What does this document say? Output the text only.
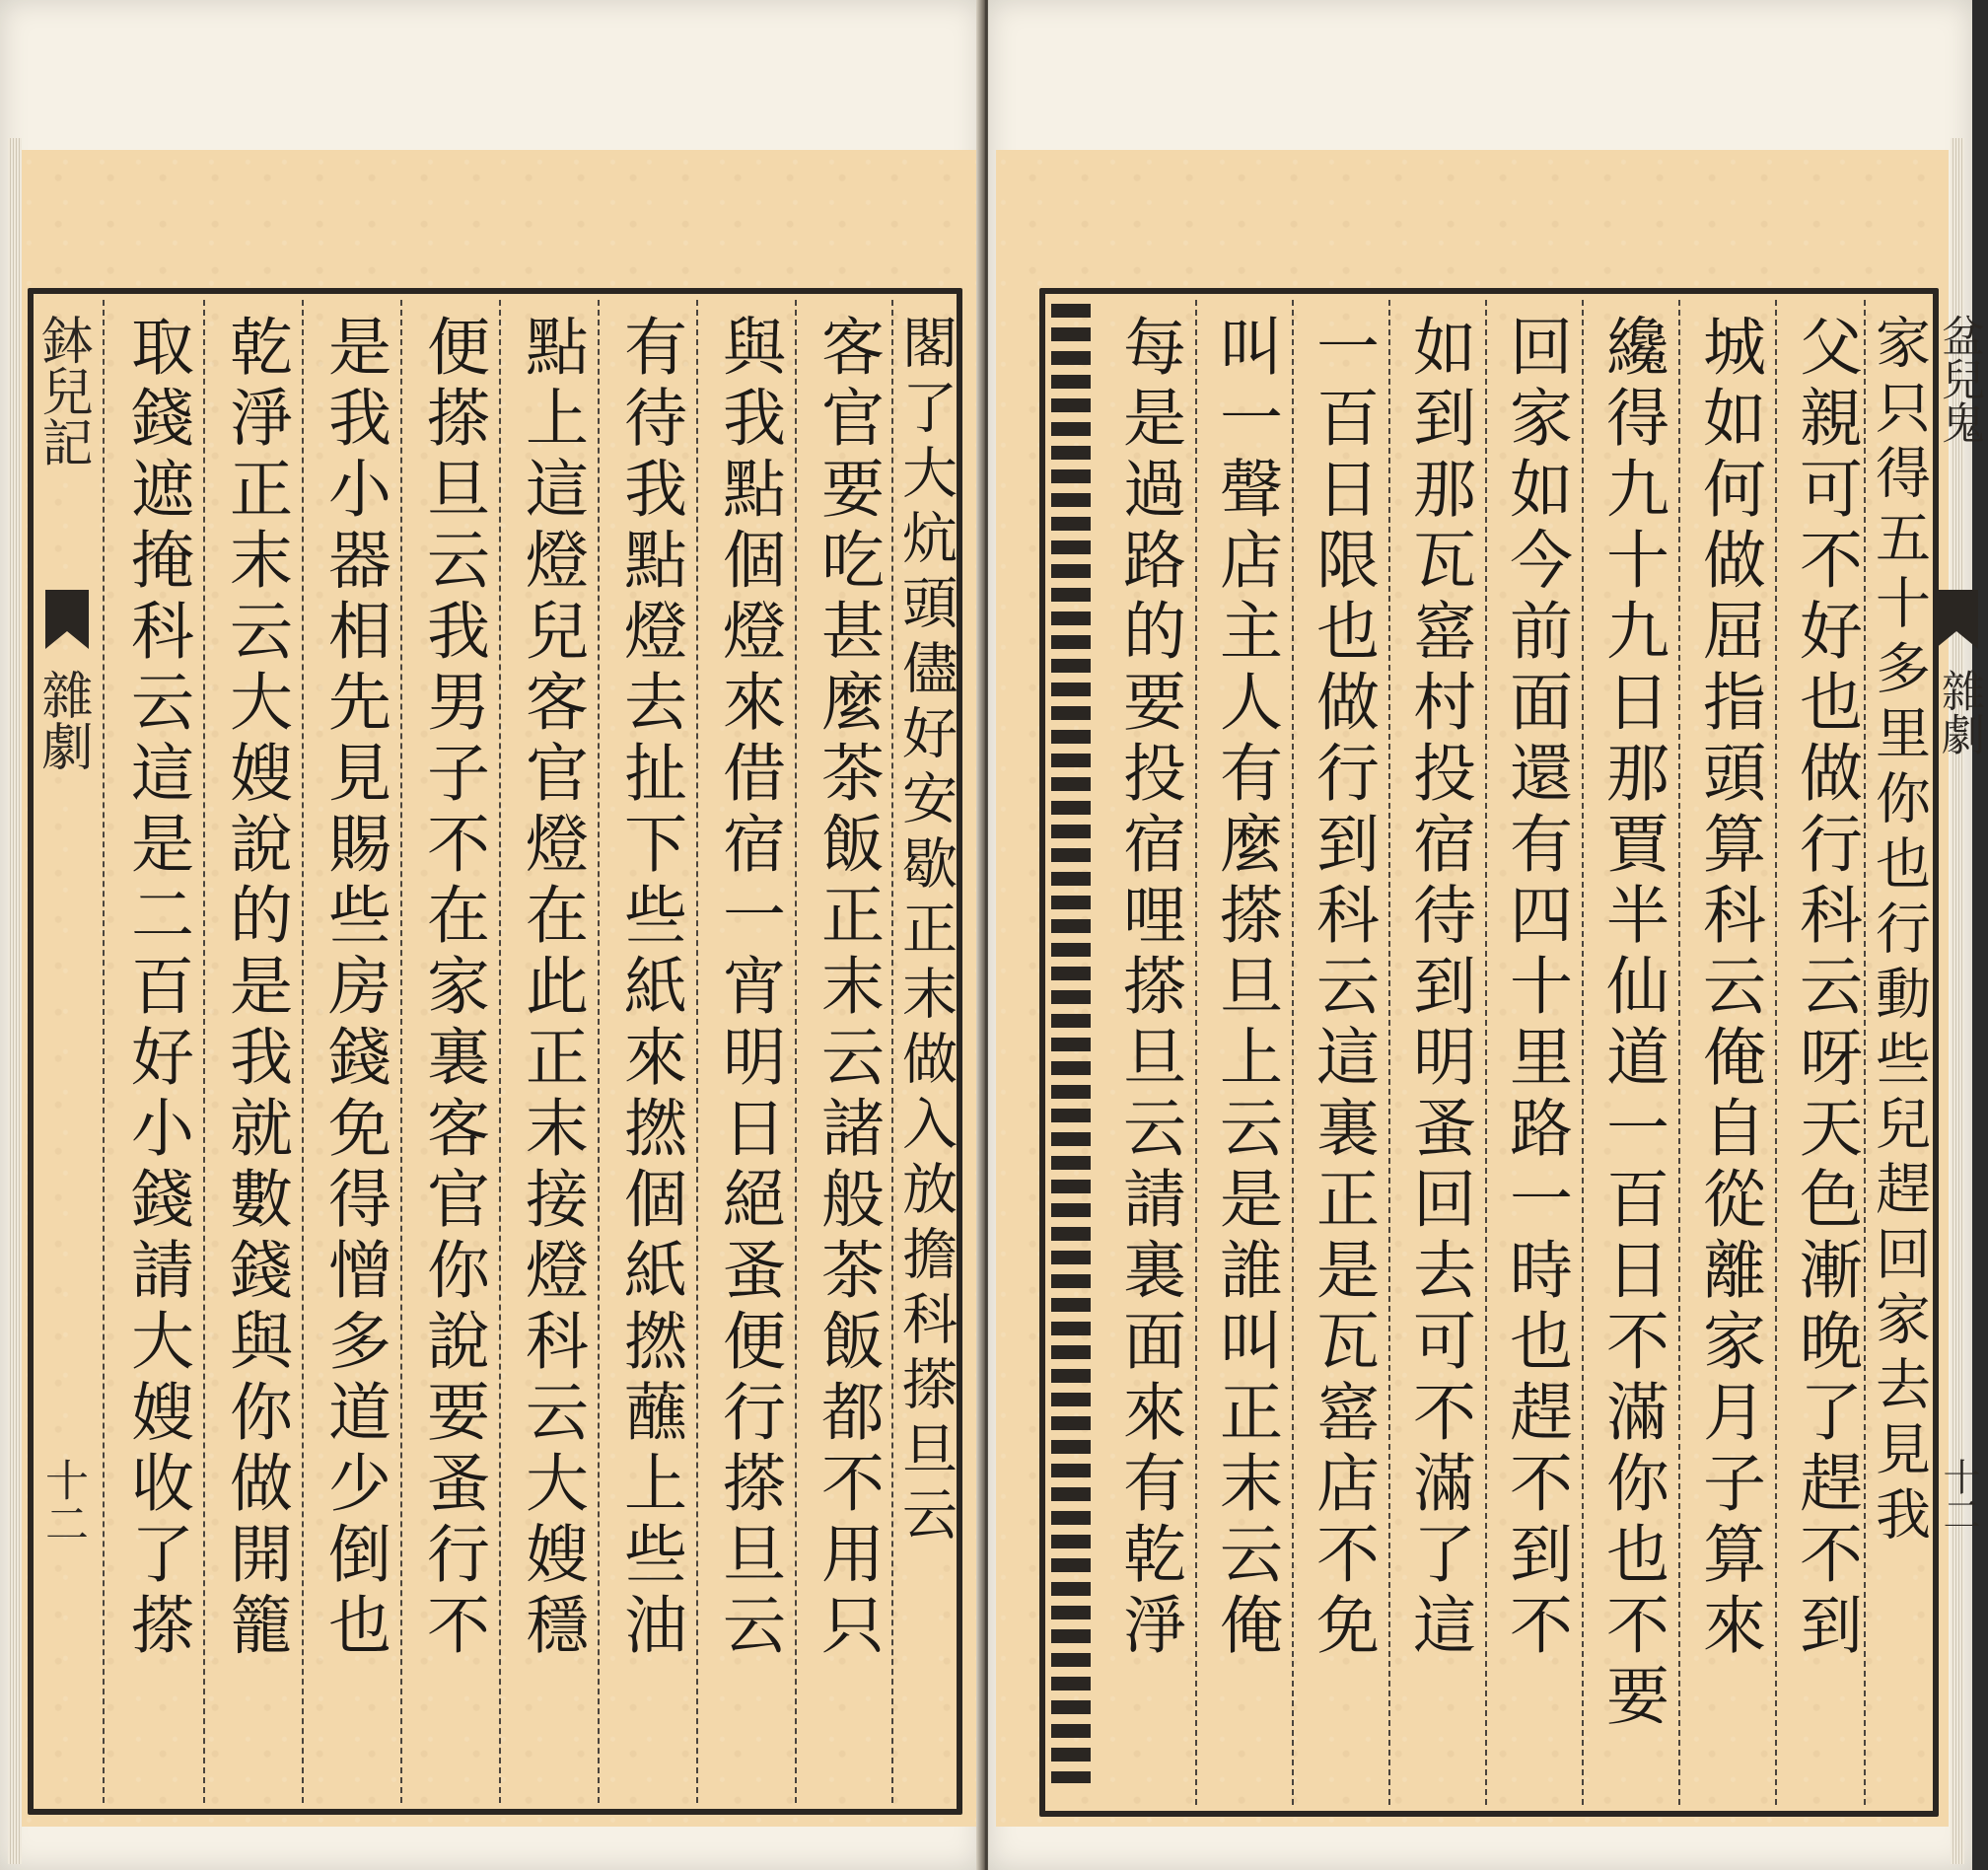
鉢兒記
雜劇
十二 取錢遮掩科云這是二百好小錢請大嫂收了搽 乾淨正末云大嫂說的是我就數錢與你做開籠 是我小器相先見賜些房錢免得憎多道少倒也 便搽旦云我男子不在家裏客官你說要蚤行不 點上這燈兒客官燈在此正末接燈科云大嫂穩 有待我點燈去扯下些紙來撚個紙撚蘸上些油 與我點個燈來借宿一宵明日絕蚤便行搽旦云 客官要吃甚麼茶飯正末云諸般茶飯都不用只 閣了大炕頭儘好安歇正末做入放擔科搽旦云 每是過路的要投宿哩搽旦云請裏面來有乾淨 叫一聲店主人有麼搽旦上云是誰叫正末云俺 一百日限也做行到科云這裏正是瓦窰店不免 如到那瓦窰村投宿待到明蚤回去可不滿了這 回家如今前面還有四十里路一時也趕不到不 纔得九十九日那賈半仙道一百日不滿你也不要 城如何做屈指頭算科云俺自從離家月子算來 父親可不好也做行科云呀天色漸晚了趕不到 家只得五十多里你也行動些兒趕回家去見我 盆兒鬼
雜劇
十二
